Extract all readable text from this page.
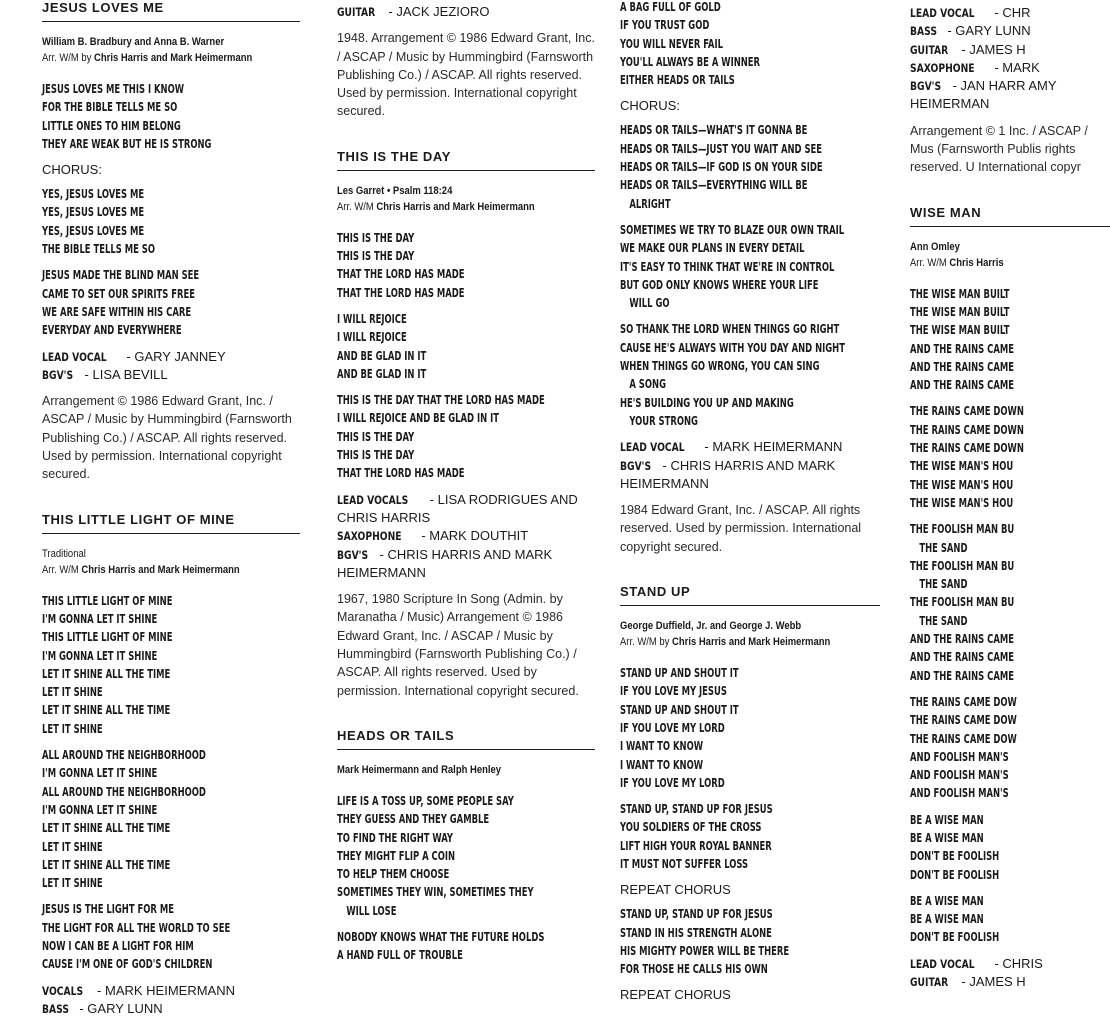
JESUS LOVES ME
William B. Bradbury and Anna B. Warner
Arr. W/M by Chris Harris and Mark Heimermann
JESUS LOVES ME THIS I KNOW
FOR THE BIBLE TELLS ME SO
LITTLE ONES TO HIM BELONG
THEY ARE WEAK BUT HE IS STRONG
CHORUS:
YES, JESUS LOVES ME
YES, JESUS LOVES ME
YES, JESUS LOVES ME
THE BIBLE TELLS ME SO
JESUS MADE THE BLIND MAN SEE
CAME TO SET OUR SPIRITS FREE
WE ARE SAFE WITHIN HIS CARE
EVERYDAY AND EVERYWHERE
LEAD VOCAL - GARY JANNEY
BGV'S - LISA BEVILL
Arrangement © 1986 Edward Grant, Inc. / ASCAP / Music by Hummingbird (Farnsworth Publishing Co.) / ASCAP. All rights reserved. Used by permission. International copyright secured.
THIS LITTLE LIGHT OF MINE
Traditional
Arr. W/M Chris Harris and Mark Heimermann
THIS LITTLE LIGHT OF MINE
I'M GONNA LET IT SHINE
THIS LITTLE LIGHT OF MINE
I'M GONNA LET IT SHINE
LET IT SHINE ALL THE TIME
LET IT SHINE
LET IT SHINE ALL THE TIME
LET IT SHINE
ALL AROUND THE NEIGHBORHOOD
I'M GONNA LET IT SHINE
ALL AROUND THE NEIGHBORHOOD
I'M GONNA LET IT SHINE
LET IT SHINE ALL THE TIME
LET IT SHINE
LET IT SHINE ALL THE TIME
LET IT SHINE
JESUS IS THE LIGHT FOR ME
THE LIGHT FOR ALL THE WORLD TO SEE
NOW I CAN BE A LIGHT FOR HIM
CAUSE I'M ONE OF GOD'S CHILDREN
VOCALS - MARK HEIMERMANN
BASS - GARY LUNN
GUITAR - JACK JEZIORO
1948. Arrangement © 1986 Edward Grant, Inc. / ASCAP / Music by Hummingbird (Farnsworth Publishing Co.) / ASCAP. All rights reserved. Used by permission. International copyright secured.
THIS IS THE DAY
Les Garret • Psalm 118:24
Arr. W/M Chris Harris and Mark Heimermann
THIS IS THE DAY
THIS IS THE DAY
THAT THE LORD HAS MADE
THAT THE LORD HAS MADE
I WILL REJOICE
I WILL REJOICE
AND BE GLAD IN IT
AND BE GLAD IN IT
THIS IS THE DAY THAT THE LORD HAS MADE
I WILL REJOICE AND BE GLAD IN IT
THIS IS THE DAY
THIS IS THE DAY
THAT THE LORD HAS MADE
LEAD VOCALS - LISA RODRIGUES AND CHRIS HARRIS
SAXOPHONE - MARK DOUTHIT
BGV'S - CHRIS HARRIS AND MARK HEIMERMANN
1967, 1980 Scripture In Song (Admin. by Maranatha / Music) Arrangement © 1986 Edward Grant, Inc. / ASCAP / Music by Hummingbird (Farnsworth Publishing Co.) / ASCAP. All rights reserved. Used by permission. International copyright secured.
HEADS OR TAILS
Mark Heimermann and Ralph Henley
LIFE IS A TOSS UP, SOME PEOPLE SAY
THEY GUESS AND THEY GAMBLE
TO FIND THE RIGHT WAY
THEY MIGHT FLIP A COIN
TO HELP THEM CHOOSE
SOMETIMES THEY WIN, SOMETIMES THEY
WILL LOSE
NOBODY KNOWS WHAT THE FUTURE HOLDS
A HAND FULL OF TROUBLE
A BAG FULL OF GOLD
IF YOU TRUST GOD
YOU WILL NEVER FAIL
YOU'LL ALWAYS BE A WINNER
EITHER HEADS OR TAILS
CHORUS:
HEADS OR TAILS—WHAT'S IT GONNA BE
HEADS OR TAILS—JUST YOU WAIT AND SEE
HEADS OR TAILS—IF GOD IS ON YOUR SIDE
HEADS OR TAILS—EVERYTHING WILL BE
ALRIGHT
SOMETIMES WE TRY TO BLAZE OUR OWN TRAIL
WE MAKE OUR PLANS IN EVERY DETAIL
IT'S EASY TO THINK THAT WE'RE IN CONTROL
BUT GOD ONLY KNOWS WHERE YOUR LIFE
WILL GO
SO THANK THE LORD WHEN THINGS GO RIGHT
CAUSE HE'S ALWAYS WITH YOU DAY AND NIGHT
WHEN THINGS GO WRONG, YOU CAN SING
A SONG
HE'S BUILDING YOU UP AND MAKING
YOUR STRONG
LEAD VOCAL - MARK HEIMERMANN
BGV'S - CHRIS HARRIS AND MARK HEIMERMANN
1984 Edward Grant, Inc. / ASCAP. All rights reserved. Used by permission. International copyright secured.
STAND UP
George Duffield, Jr. and George J. Webb
Arr. W/M by Chris Harris and Mark Heimermann
STAND UP AND SHOUT IT
IF YOU LOVE MY JESUS
STAND UP AND SHOUT IT
IF YOU LOVE MY LORD
I WANT TO KNOW
I WANT TO KNOW
IF YOU LOVE MY LORD
STAND UP, STAND UP FOR JESUS
YOU SOLDIERS OF THE CROSS
LIFT HIGH YOUR ROYAL BANNER
IT MUST NOT SUFFER LOSS
REPEAT CHORUS
STAND UP, STAND UP FOR JESUS
STAND IN HIS STRENGTH ALONE
HIS MIGHTY POWER WILL BE THERE
FOR THOSE HE CALLS HIS OWN
REPEAT CHORUS
LEAD VOCAL - CHR
BASS - GARY LUNN
GUITAR - JAMES H
SAXOPHONE - MARK
BGV'S - JAN HARR AMY HEIMERMAN
Arrangement © 1 Inc. / ASCAP / Mus (Farnsworth Publis rights reserved. U International copyr
WISE MAN
Ann Omley
Arr. W/M Chris Harris
THE WISE MAN BUILT
THE WISE MAN BUILT
THE WISE MAN BUILT
AND THE RAINS CAME
AND THE RAINS CAME
AND THE RAINS CAME
THE RAINS CAME DOWN
THE RAINS CAME DOWN
THE RAINS CAME DOWN
THE WISE MAN'S HOU
THE WISE MAN'S HOU
THE WISE MAN'S HOU
THE FOOLISH MAN BU
THE SAND
THE FOOLISH MAN BU
THE SAND
THE FOOLISH MAN BU
THE SAND
AND THE RAINS CAME
AND THE RAINS CAME
AND THE RAINS CAME
THE RAINS CAME DOW
THE RAINS CAME DOW
THE RAINS CAME DOW
AND FOOLISH MAN'S
AND FOOLISH MAN'S
AND FOOLISH MAN'S
BE A WISE MAN
BE A WISE MAN
DON'T BE FOOLISH
DON'T BE FOOLISH
BE A WISE MAN
BE A WISE MAN
DON'T BE FOOLISH
LEAD VOCAL - CHRIS
GUITAR - JAMES H
